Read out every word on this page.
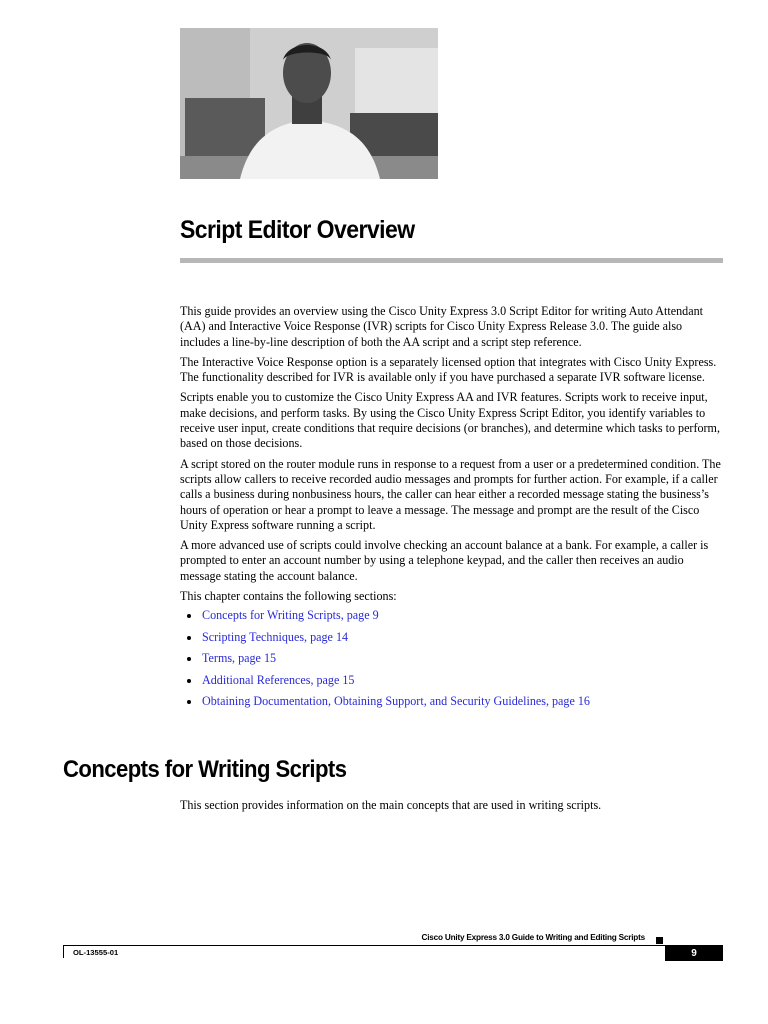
Script Editor Overview

This guide provides an overview using the Cisco Unity Express 3.0 Script Editor for writing Auto Attendant (AA) and Interactive Voice Response (IVR) scripts for Cisco Unity Express Release 3.0. The guide also includes a line-by-line description of both the AA script and a script step reference.

The Interactive Voice Response option is a separately licensed option that integrates with Cisco Unity Express. The functionality described for IVR is available only if you have purchased a separate IVR software license.

Scripts enable you to customize the Cisco Unity Express AA and IVR features. Scripts work to receive input, make decisions, and perform tasks. By using the Cisco Unity Express Script Editor, you identify variables to receive user input, create conditions that require decisions (or branches), and determine which tasks to perform, based on those decisions.

A script stored on the router module runs in response to a request from a user or a predetermined condition. The scripts allow callers to receive recorded audio messages and prompts for further action. For example, if a caller calls a business during nonbusiness hours, the caller can hear either a recorded message stating the business’s hours of operation or hear a prompt to leave a message. The message and prompt are the result of the Cisco Unity Express software running a script.

A more advanced use of scripts could involve checking an account balance at a bank. For example, a caller is prompted to enter an account number by using a telephone keypad, and the caller then receives an audio message stating the account balance.

This chapter contains the following sections:

Concepts for Writing Scripts, page 9
Scripting Techniques, page 14
Terms, page 15
Additional References, page 15
Obtaining Documentation, Obtaining Support, and Security Guidelines, page 16
Concepts for Writing Scripts

This section provides information on the main concepts that are used in writing scripts.

Cisco Unity Express 3.0 Guide to Writing and Editing Scripts
OL-13555-01	9
